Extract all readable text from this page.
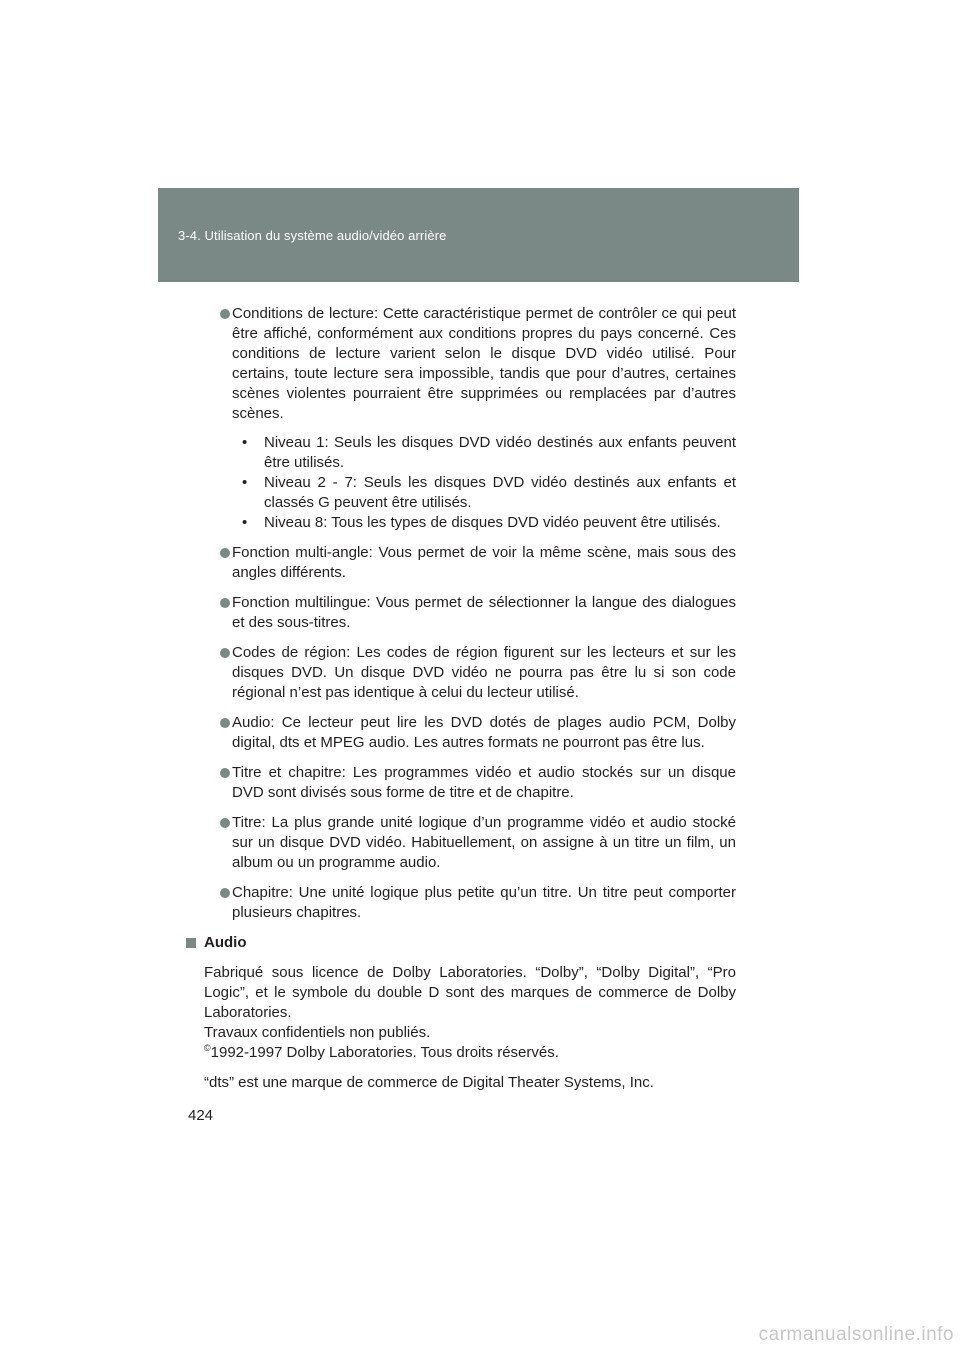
3-4. Utilisation du système audio/vidéo arrière
Conditions de lecture: Cette caractéristique permet de contrôler ce qui peut être affiché, conformément aux conditions propres du pays concerné. Ces conditions de lecture varient selon le disque DVD vidéo utilisé. Pour certains, toute lecture sera impossible, tandis que pour d’autres, certaines scènes violentes pourraient être supprimées ou remplacées par d’autres scènes.
• Niveau 1: Seuls les disques DVD vidéo destinés aux enfants peuvent être utilisés.
• Niveau 2 - 7: Seuls les disques DVD vidéo destinés aux enfants et classés G peuvent être utilisés.
• Niveau 8: Tous les types de disques DVD vidéo peuvent être utilisés.
Fonction multi-angle: Vous permet de voir la même scène, mais sous des angles différents.
Fonction multilingue: Vous permet de sélectionner la langue des dialogues et des sous-titres.
Codes de région: Les codes de région figurent sur les lecteurs et sur les disques DVD. Un disque DVD vidéo ne pourra pas être lu si son code régional n’est pas identique à celui du lecteur utilisé.
Audio: Ce lecteur peut lire les DVD dotés de plages audio PCM, Dolby digital, dts et MPEG audio. Les autres formats ne pourront pas être lus.
Titre et chapitre: Les programmes vidéo et audio stockés sur un disque DVD sont divisés sous forme de titre et de chapitre.
Titre: La plus grande unité logique d’un programme vidéo et audio stocké sur un disque DVD vidéo. Habituellement, on assigne à un titre un film, un album ou un programme audio.
Chapitre: Une unité logique plus petite qu’un titre. Un titre peut comporter plusieurs chapitres.
Audio

Fabriqué sous licence de Dolby Laboratories. “Dolby”, “Dolby Digital”, “Pro Logic”, et le symbole du double D sont des marques de commerce de Dolby Laboratories.

Travaux confidentiels non publiés.

©1992-1997 Dolby Laboratories. Tous droits réservés.

“dts” est une marque de commerce de Digital Theater Systems, Inc.

424
carmanualsonline.info
